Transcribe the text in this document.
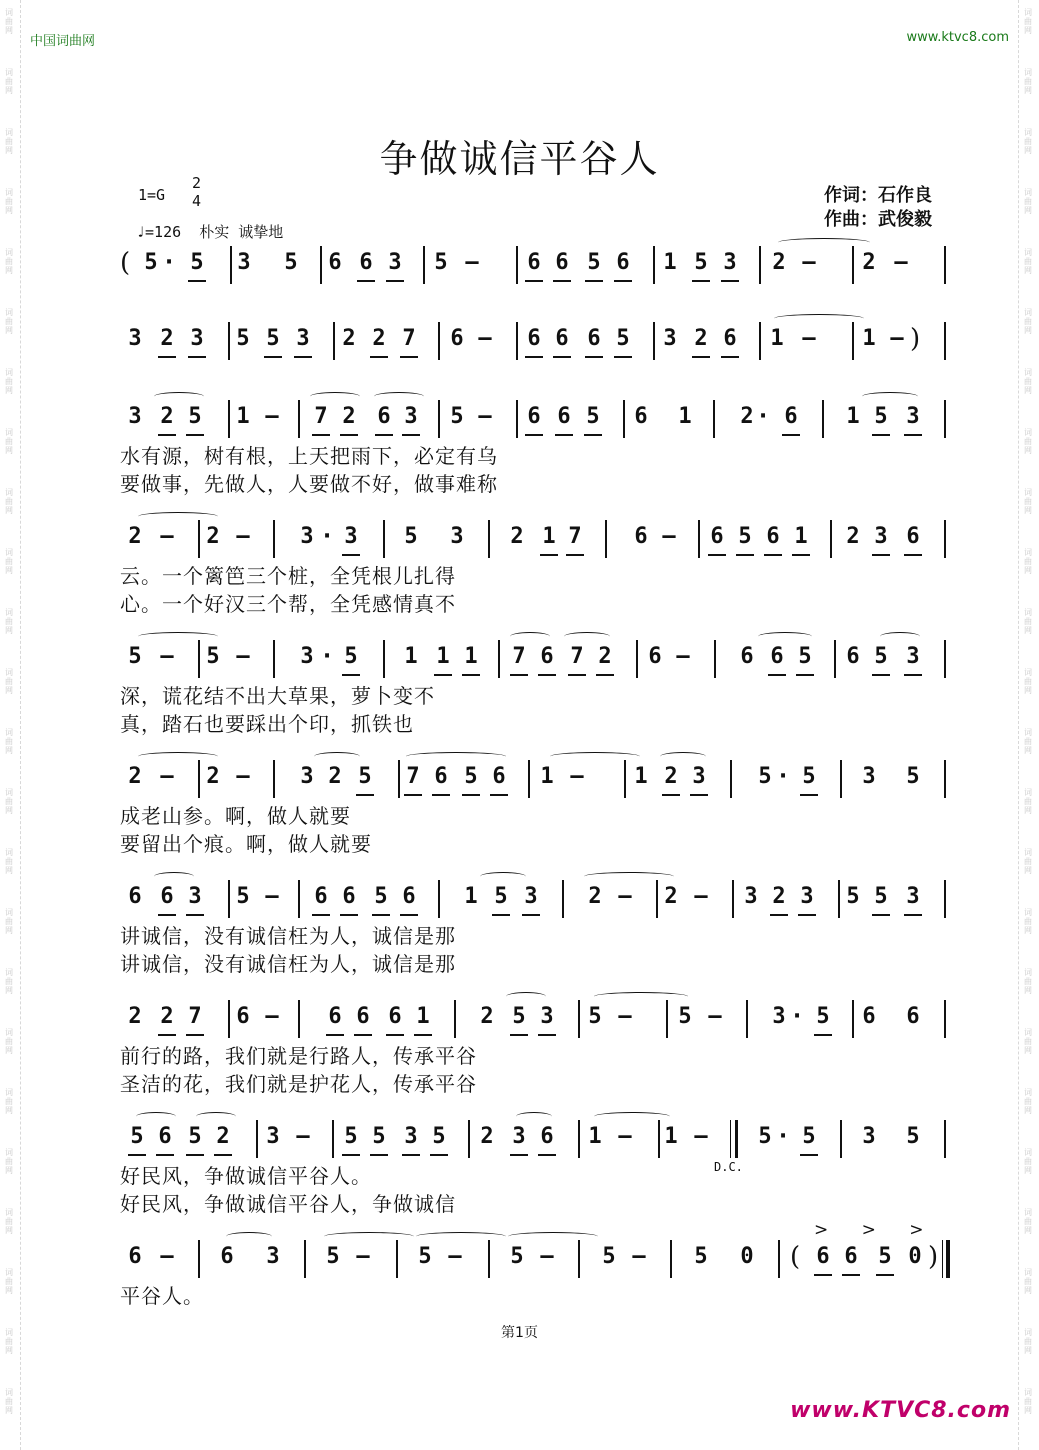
词
曲
网
词
曲
网
词
曲
网
词
曲
网
词
曲
网
词
曲
网
词
曲
网
词
曲
网
词
曲
网
词
曲
网
词
曲
网
词
曲
网
词
曲
网
词
曲
网
词
曲
网
词
曲
网
词
曲
网
词
曲
网
词
曲
网
词
曲
网
词
曲
网
词
曲
网
词
曲
网
词
曲
网
词
曲
网
词
曲
网
词
曲
网
词
曲
网
词
曲
网
词
曲
网
词
曲
网
词
曲
网
词
曲
网
词
曲
网
词
曲
网
词
曲
网
词
曲
网
词
曲
网
词
曲
网
词
曲
网
词
曲
网
词
曲
网
词
曲
网
词
曲
网
词
曲
网
词
曲
网
词
曲
网
词
曲
网
中国词曲网	www.ktvc8.com
争做诚信平谷人
1=G
2
4
♩=126 朴实 诚挚地
作词：石作良
作曲：武俊毅
( 5 · 5 3 5 6 6 3 5 – 6 6 5 6 1 5 3 2 – 2 –
3 2 3 5 5 3 2 2 7 6 – 6 6 6 5 3 2 6 1 – 1 – )
3 2 5 1 – 7 2 6 3 5 – 6 6 5 6 1 2 · 6 1 5 3
水有源，树有根，上天把雨下，必定有乌
要做事，先做人，人要做不好，做事难称
2 – 2 – 3 · 3 5 3 2 1 7 6 – 6 5 6 1 2 3 6
云。一个篱笆三个桩，全凭根儿扎得
心。一个好汉三个帮，全凭感情真不
5 – 5 – 3 · 5 1 1 1 7 6 7 2 6 – 6 6 5 6 5 3
深，谎花结不出大草果，萝卜变不
真，踏石也要踩出个印，抓铁也
2 – 2 – 3 2 5 7 6 5 6 1 – 1 2 3 5 · 5 3 5
成老山参。啊，做人就要
要留出个痕。啊，做人就要
6 6 3 5 – 6 6 5 6 1 5 3 2 – 2 – 3 2 3 5 5 3
讲诚信，没有诚信枉为人，诚信是那
讲诚信，没有诚信枉为人，诚信是那
2 2 7 6 – 6 6 6 1 2 5 3 5 – 5 – 3 · 5 6 6
前行的路，我们就是行路人，传承平谷
圣洁的花，我们就是护花人，传承平谷
5 6 5 2 3 – 5 5 3 5 2 3 6 1 – 1 – 5 · 5 3 5
好民风，争做诚信平谷人。	D.C.
好民风，争做诚信平谷人，争做诚信
6 – 6 3 5 – 5 – 5 – 5 – 5 0 (
> > >
6 6 5 0 )
平谷人。
第1页
www.KTVC8.com
